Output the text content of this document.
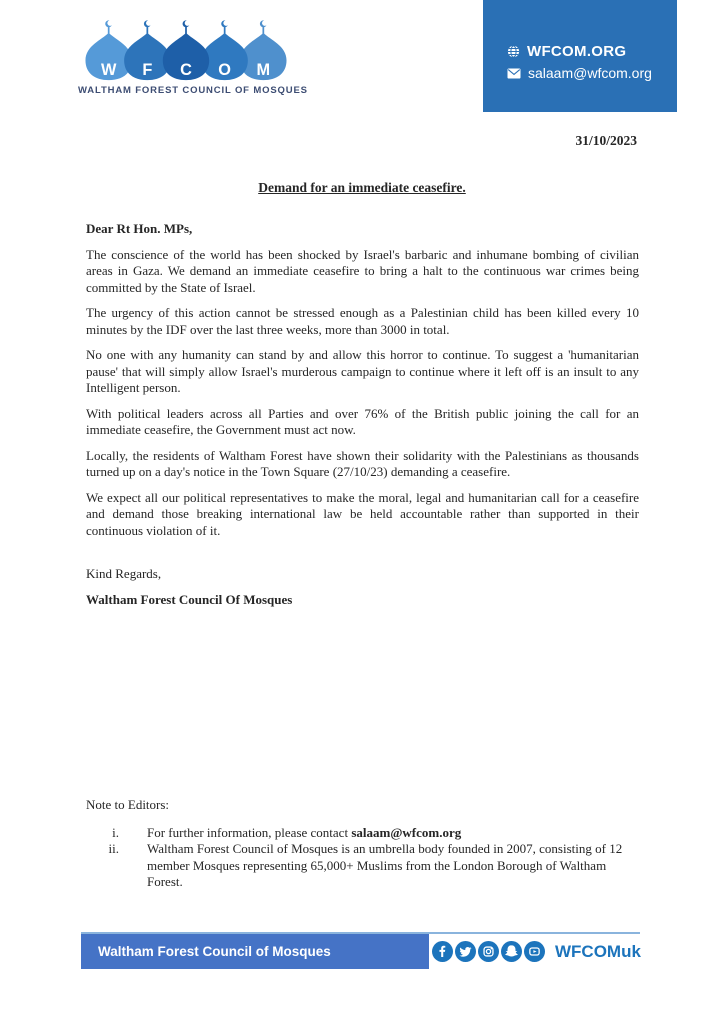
W F C O M
WALTHAM FOREST COUNCIL OF MOSQUES
WFCOM.ORG
salaam@wfcom.org
31/10/2023
Demand for an immediate ceasefire.

Dear Rt Hon. MPs,

The conscience of the world has been shocked by Israel's barbaric and inhumane bombing of civilian areas in Gaza. We demand an immediate ceasefire to bring a halt to the continuous war crimes being committed by the State of Israel.

The urgency of this action cannot be stressed enough as a Palestinian child has been killed every 10 minutes by the IDF over the last three weeks, more than 3000 in total.

No one with any humanity can stand by and allow this horror to continue. To suggest a 'humanitarian pause' that will simply allow Israel's murderous campaign to continue where it left off is an insult to any Intelligent person.

With political leaders across all Parties and over 76% of the British public joining the call for an immediate ceasefire, the Government must act now.

Locally, the residents of Waltham Forest have shown their solidarity with the Palestinians as thousands turned up on a day's notice in the Town Square (27/10/23) demanding a ceasefire.

We expect all our political representatives to make the moral, legal and humanitarian call for a ceasefire and demand those breaking international law be held accountable rather than supported in their continuous violation of it.

Kind Regards,

Waltham Forest Council Of Mosques

Note to Editors:
i. For further information, please contact salaam@wfcom.org
ii. Waltham Forest Council of Mosques is an umbrella body founded in 2007, consisting of 12 member Mosques representing 65,000+ Muslims from the London Borough of Waltham Forest.
Waltham Forest Council of Mosques	WFCOMuk
